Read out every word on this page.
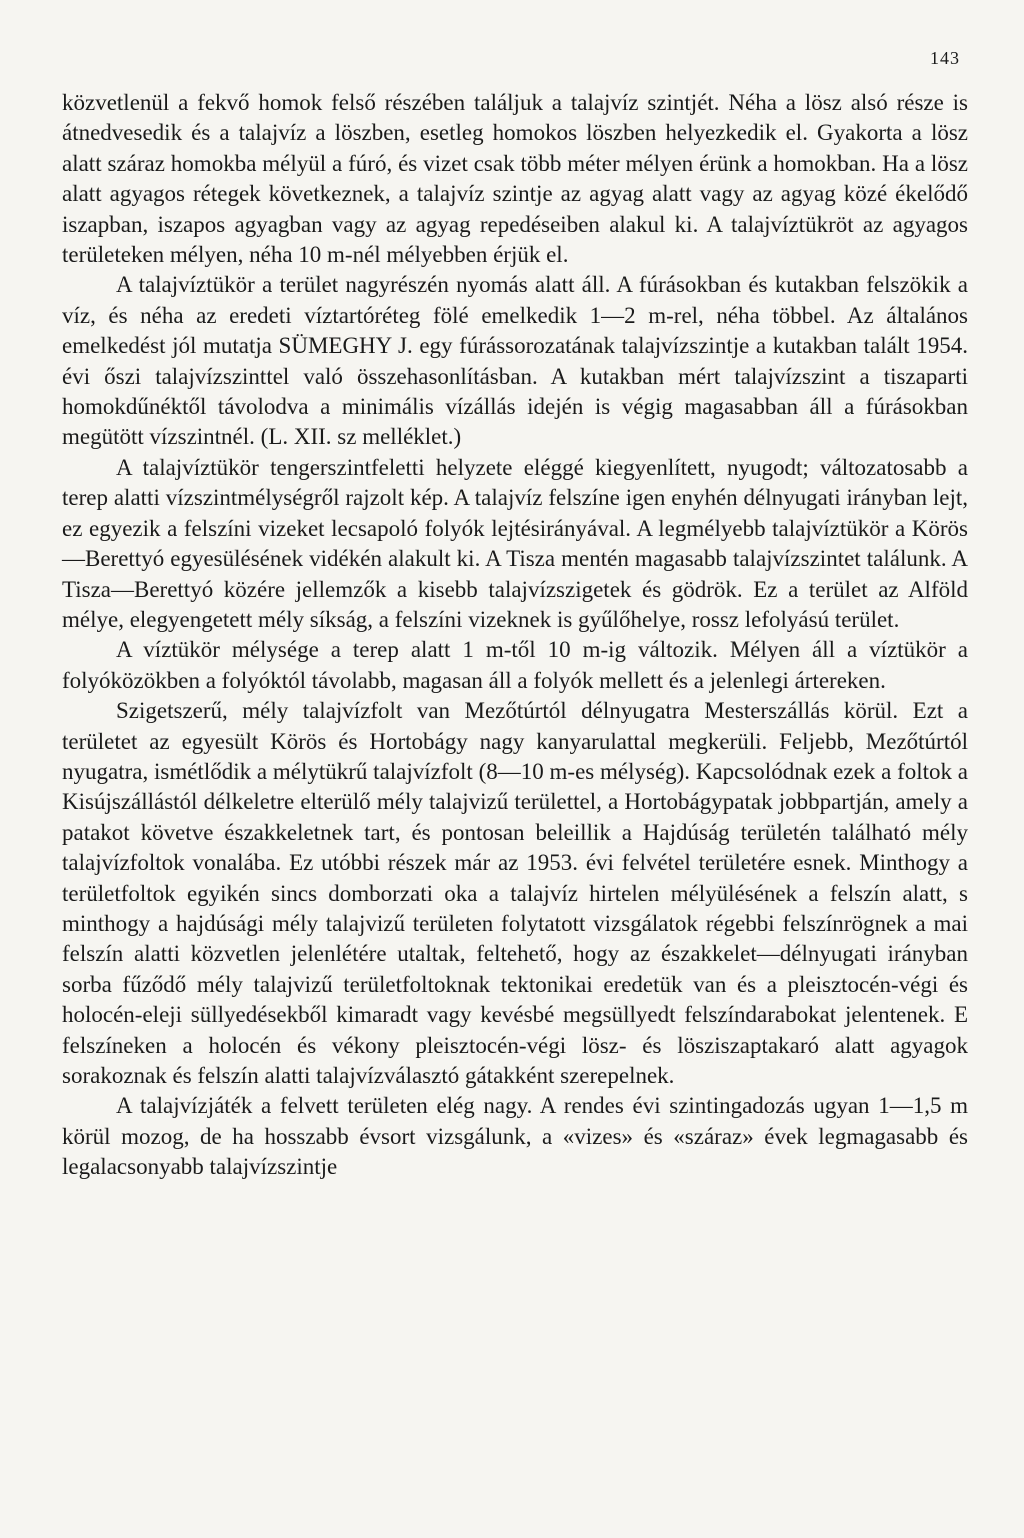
143

közvetlenül a fekvő homok felső részében találjuk a talajvíz szintjét. Néha a lösz alsó része is átnedvesedik és a talajvíz a löszben, esetleg homokos löszben helyezkedik el. Gyakorta a lösz alatt száraz homokba mélyül a fúró, és vizet csak több méter mélyen érünk a homokban. Ha a lösz alatt agyagos rétegek következnek, a talajvíz szintje az agyag alatt vagy az agyag közé ékelődő iszapban, iszapos agyagban vagy az agyag repedéseiben alakul ki. A talajvíztükröt az agyagos területeken mélyen, néha 10 m-nél mélyebben érjük el.

A talajvíztükör a terület nagyrészén nyomás alatt áll. A fúrásokban és kutakban felszökik a víz, és néha az eredeti víztartóréteg fölé emelkedik 1—2 m-rel, néha többel. Az általános emelkedést jól mutatja SÜMEGHY J. egy fúrássorozatának talajvízszintje a kutakban talált 1954. évi őszi talajvízszinttel való összehasonlításban. A kutakban mért talajvízszint a tiszaparti homokdűnéktől távolodva a minimális vízállás idején is végig magasabban áll a fúrásokban megütött vízszintnél. (L. XII. sz melléklet.)

A talajvíztükör tengerszintfeletti helyzete eléggé kiegyenlített, nyugodt; változatosabb a terep alatti vízszintmélységről rajzolt kép. A talajvíz felszíne igen enyhén délnyugati irányban lejt, ez egyezik a felszíni vizeket lecsapoló folyók lejtésirányával. A legmélyebb talajvíztükör a Körös—Berettyó egyesülésének vidékén alakult ki. A Tisza mentén magasabb talajvízszintet találunk. A Tisza—Berettyó közére jellemzők a kisebb talajvízszigetek és gödrök. Ez a terület az Alföld mélye, elegyengetett mély síkság, a felszíni vizeknek is gyűlőhelye, rossz lefolyású terület.

A víztükör mélysége a terep alatt 1 m-től 10 m-ig változik. Mélyen áll a víztükör a folyóközökben a folyóktól távolabb, magasan áll a folyók mellett és a jelenlegi ártereken.

Szigetszerű, mély talajvízfolt van Mezőtúrtól délnyugatra Mesterszállás körül. Ezt a területet az egyesült Körös és Hortobágy nagy kanyarulattal megkerüli. Feljebb, Mezőtúrtól nyugatra, ismétlődik a mélytükrű talajvízfolt (8—10 m-es mélység). Kapcsolódnak ezek a foltok a Kisújszállástól délkeletre elterülő mély talajvizű területtel, a Hortobágypatak jobbpartján, amely a patakot követve északkeletnek tart, és pontosan beleillik a Hajdúság területén található mély talajvízfoltok vonalába. Ez utóbbi részek már az 1953. évi felvétel területére esnek. Minthogy a területfoltok egyikén sincs domborzati oka a talajvíz hirtelen mélyülésének a felszín alatt, s minthogy a hajdúsági mély talajvizű területen folytatott vizsgálatok régebbi felszínrögnek a mai felszín alatti közvetlen jelenlétére utaltak, feltehető, hogy az északkelet—délnyugati irányban sorba fűződő mély talajvizű területfoltoknak tektonikai eredetük van és a pleisztocén-végi és holocén-eleji süllyedésekből kimaradt vagy kevésbé megsüllyedt felszíndarabokat jelentenek. E felszíneken a holocén és vékony pleisztocén-végi lösz- és lösziszaptakaró alatt agyagok sorakoznak és felszín alatti talajvízválasztó gátakként szerepelnek.

A talajvízjáték a felvett területen elég nagy. A rendes évi szintingadozás ugyan 1—1,5 m körül mozog, de ha hosszabb évsort vizsgálunk, a «vizes» és «száraz» évek legmagasabb és legalacsonyabb talajvízszintje
